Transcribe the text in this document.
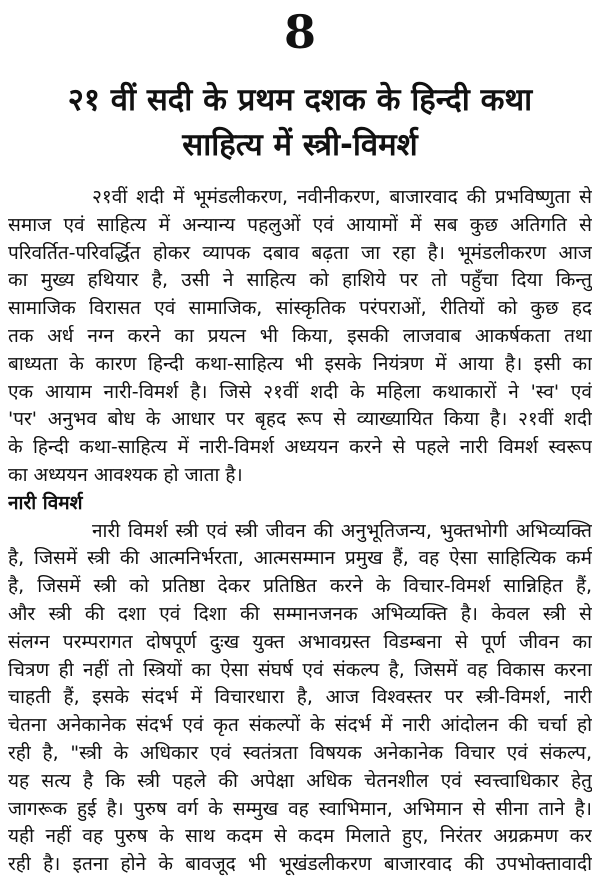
8
२१ वीं सदी के प्रथम दशक के हिन्दी कथा
साहित्य में स्त्री-विमर्श
२१वीं शदी में भूमंडलीकरण, नवीनीकरण, बाजारवाद की प्रभविष्णुता से
समाज एवं साहित्य में अन्यान्य पहलुओं एवं आयामों में सब कुछ अतिगति से
परिवर्तित-परिवर्द्धित होकर व्यापक दबाव बढ़ता जा रहा है। भूमंडलीकरण आज
का मुख्य हथियार है, उसी ने साहित्य को हाशिये पर तो पहुँचा दिया किन्तु
सामाजिक विरासत एवं सामाजिक, सांस्कृतिक परंपराओं, रीतियों को कुछ हद
तक अर्ध नग्न करने का प्रयत्न भी किया, इसकी लाजवाब आकर्षकता तथा
बाध्यता के कारण हिन्दी कथा-साहित्य भी इसके नियंत्रण में आया है। इसी का
एक आयाम नारी-विमर्श है। जिसे २१वीं शदी के महिला कथाकारों ने 'स्व' एवं
'पर' अनुभव बोध के आधार पर बृहद रूप से व्याख्यायित किया है। २१वीं शदी
के हिन्दी कथा-साहित्य में नारी-विमर्श अध्ययन करने से पहले नारी विमर्श स्वरूप
का अध्ययन आवश्यक हो जाता है।
नारी विमर्श
नारी विमर्श स्त्री एवं स्त्री जीवन की अनुभूतिजन्य, भुक्तभोगी अभिव्यक्ति
है, जिसमें स्त्री की आत्मनिर्भरता, आत्मसम्मान प्रमुख हैं, वह ऐसा साहित्यिक कर्म
है, जिसमें स्त्री को प्रतिष्ठा देकर प्रतिष्ठित करने के विचार-विमर्श सान्निहित हैं,
और स्त्री की दशा एवं दिशा की सम्मानजनक अभिव्यक्ति है। केवल स्त्री से
संलग्न परम्परागत दोषपूर्ण दुःख युक्त अभावग्रस्त विडम्बना से पूर्ण जीवन का
चित्रण ही नहीं तो स्त्रियों का ऐसा संघर्ष एवं संकल्प है, जिसमें वह विकास करना
चाहती हैं, इसके संदर्भ में विचारधारा है, आज विश्वस्तर पर स्त्री-विमर्श, नारी
चेतना अनेकानेक संदर्भ एवं कृत संकल्पों के संदर्भ में नारी आंदोलन की चर्चा हो
रही है, "स्त्री के अधिकार एवं स्वतंत्रता विषयक अनेकानेक विचार एवं संकल्प,
यह सत्य है कि स्त्री पहले की अपेक्षा अधिक चेतनशील एवं स्वत्त्वाधिकार हेतु
जागरूक हुई है। पुरुष वर्ग के सम्मुख वह स्वाभिमान, अभिमान से सीना ताने है।
यही नहीं वह पुरुष के साथ कदम से कदम मिलाते हुए, निरंतर अग्रक्रमण कर
रही है। इतना होने के बावजूद भी भूखंडलीकरण बाजारवाद की उपभोक्तावादी
